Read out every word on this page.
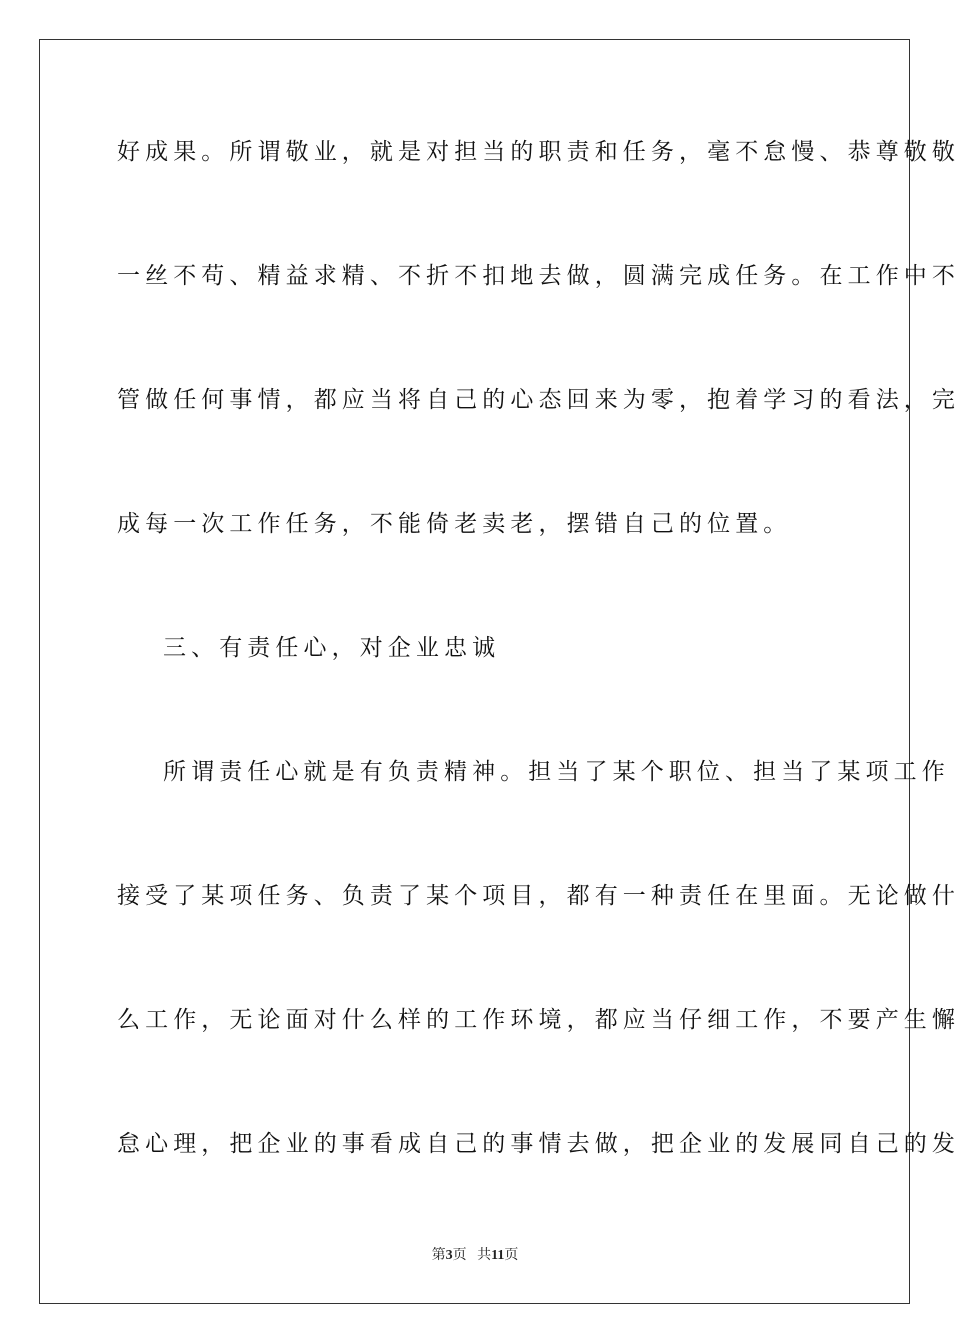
好成果。所谓敬业，就是对担当的职责和任务，毫不怠慢、恭尊敬敬
一丝不苟、精益求精、不折不扣地去做，圆满完成任务。在工作中不
管做任何事情，都应当将自己的心态回来为零，抱着学习的看法，完
成每一次工作任务，不能倚老卖老，摆错自己的位置。
三、有责任心，对企业忠诚
所谓责任心就是有负责精神。担当了某个职位、担当了某项工作
接受了某项任务、负责了某个项目，都有一种责任在里面。无论做什
么工作，无论面对什么样的工作环境，都应当仔细工作，不要产生懈
怠心理，把企业的事看成自己的事情去做，把企业的发展同自己的发
第3页 共11页
